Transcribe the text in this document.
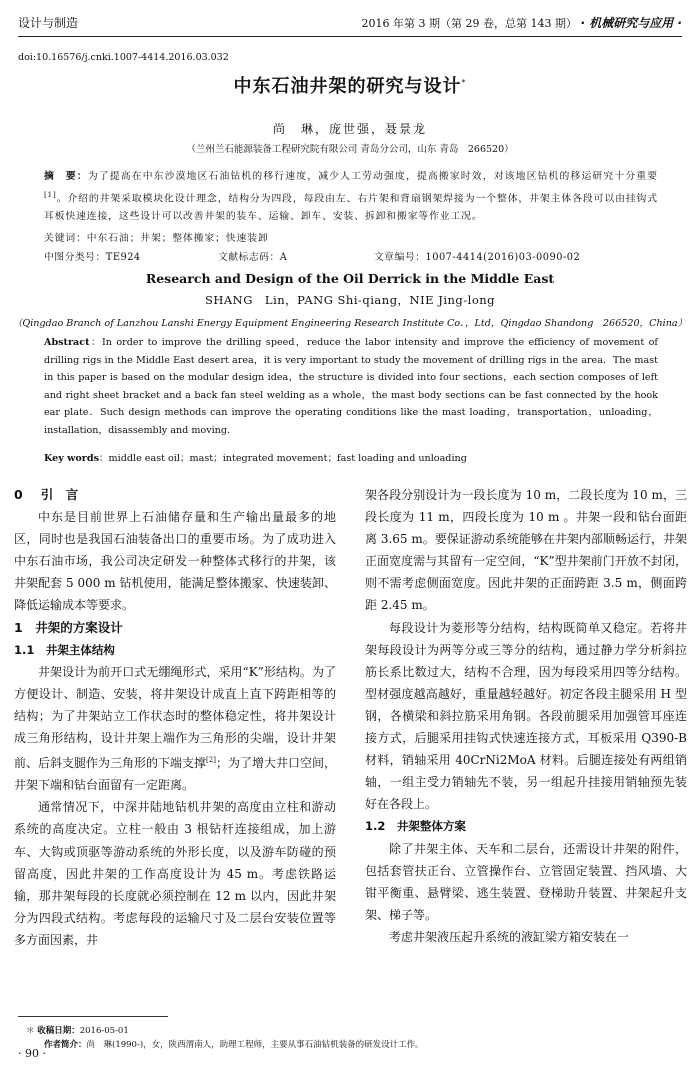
设计与制造	2016 年第 3 期（第 29 卷，总第 143 期） · 机械研究与应用 ·
doi:10.16576/j.cnki.1007-4414.2016.03.032
中东石油井架的研究与设计*
尚　琳，庞世强，聂景龙
（兰州兰石能源装备工程研究院有限公司 青岛分公司，山东 青岛　266520）
摘　要：为了提高在中东沙漠地区石油钻机的移行速度，减少人工劳动强度，提高搬家时效，对该地区钻机的移运研究十分重要[1]。介绍的井架采取模块化设计理念，结构分为四段，每段由左、右片架和背扇钢架焊接为一个整体，井架主体各段可以由挂钩式耳板快速连接，这些设计可以改善井架的装车、运输、卸车、安装、拆卸和搬家等作业工况。
关键词：中东石油；井架；整体搬家；快速装卸
中图分类号：TE924	文献标志码：A	文章编号：1007-4414(2016)03-0090-02
Research and Design of the Oil Derrick in the Middle East
SHANG　Lin，PANG Shi-qiang，NIE Jing-long
（Qingdao Branch of Lanzhou Lanshi Energy Equipment Engineering Research Institute Co．，Ltd，Qingdao Shandong　266520，China）
Abstract：In order to improve the drilling speed，reduce the labor intensity and improve the efficiency of movement of drilling rigs in the Middle East desert area，it is very important to study the movement of drilling rigs in the area．The mast in this paper is based on the modular design idea，the structure is divided into four sections，each section composes of left and right sheet bracket and a back fan steel welding as a whole，the mast body sections can be fast connected by the hook ear plate．Such design methods can improve the operating conditions like the mast loading，transportation，unloading，installation，disassembly and moving．
Key words：middle east oil；mast；integrated movement；fast loading and unloading
0 引　言

中东是目前世界上石油储存量和生产输出量最多的地区，同时也是我国石油装备出口的重要市场。为了成功进入中东石油市场，我公司决定研发一种整体式移行的井架，该井架配套 5 000 m 钻机使用，能满足整体搬家、快速装卸、降低运输成本等要求。

1　井架的方案设计
1.1　井架主体结构

井架设计为前开口式无绷绳形式，采用“K”形结构。为了方便设计、制造、安装，将井架设计成直上直下跨距相等的结构；为了井架站立工作状态时的整体稳定性，将井架设计成三角形结构，设计井架上端作为三角形的尖端，设计井架前、后斜支腿作为三角形的下端支撑[2]；为了增大井口空间，井架下端和钻台面留有一定距离。

通常情况下，中深井陆地钻机井架的高度由立柱和游动系统的高度决定。立柱一般由 3 根钻杆连接组成，加上游车、大钩或顶驱等游动系统的外形长度，以及游车防碰的预留高度，因此井架的工作高度设计为 45 m。考虑铁路运输，那井架每段的长度就必须控制在 12 m 以内，因此井架分为四段式结构。考虑每段的运输尺寸及二层台安装位置等多方面因素，井

架各段分别设计为一段长度为 10 m，二段长度为 10 m，三段长度为 11 m，四段长度为 10 m 。井架一段和钻台面距离 3.65 m。要保证游动系统能够在井架内部顺畅运行，井架正面宽度需与其留有一定空间，“K”型井架前门开放不封闭，则不需考虑侧面宽度。因此井架的正面跨距 3.5 m，侧面跨距 2.45 m。

每段设计为菱形等分结构，结构既简单又稳定。若将井架每段设计为两等分或三等分的结构，通过静力学分析斜拉筋长系比数过大，结构不合理，因为每段采用四等分结构。型材强度越高越好，重量越轻越好。初定各段主腿采用 H 型钢，各横梁和斜拉筋采用角钢。各段前腿采用加强管耳座连接方式，后腿采用挂钩式快速连接方式，耳板采用 Q390-B 材料，销轴采用 40CrNi2MoA 材料。后腿连接处有两组销轴，一组主受力销轴先不装，另一组起升挂接用销轴预先装好在各段上。

1.2　井架整体方案

除了井架主体、天车和二层台，还需设计井架的附件，包括套管扶正台、立管操作台、立管固定装置、挡风墙、大钳平衡重、悬臂梁、逃生装置、登梯助升装置、井架起升支架、梯子等。

考虑井架液压起升系统的液缸梁方箱安装在一

＊ 收稿日期：2016-05-01
作者简介：尚　琳(1990-)，女，陕西渭南人，助理工程师，主要从事石油钻机装备的研发设计工作。
· 90 ·
